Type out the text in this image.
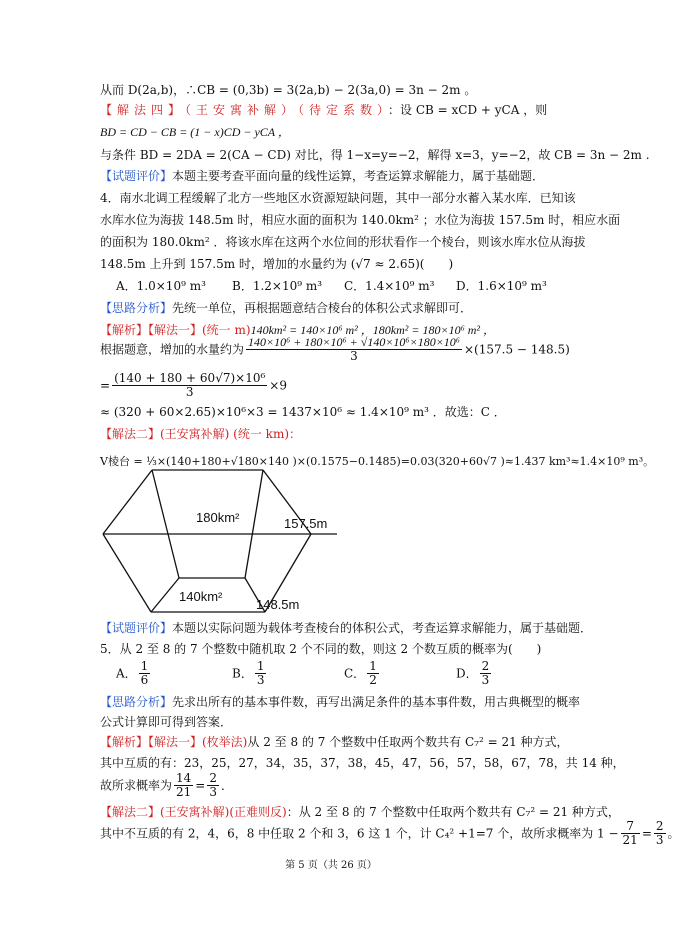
从而 D(2a,b)，∴CB = (0,3b) = 3(2a,b) − 2(3a,0) = 3n − 2m 。
【解法四】（王安寓补解）（待定系数）：设 CB = xCD + yCA ，则
BD = CD − CB = (1 − x)CD − yCA ，
与条件 BD = 2DA = 2(CA − CD) 对比，得 1−x=y=−2，解得 x=3，y=−2，故 CB = 3n − 2m .
【试题评价】本题主要考查平面向量的线性运算，考查运算求解能力，属于基础题．
4．南水北调工程缓解了北方一些地区水资源短缺问题，其中一部分水蓄入某水库．已知该
水库水位为海拔 148.5m 时，相应水面的面积为 140.0km² ；水位为海拔 157.5m 时，相应水面
的面积为 180.0km² ．将该水库在这两个水位间的形状看作一个棱台，则该水库水位从海拔
148.5m 上升到 157.5m 时，增加的水量约为 (√7 ≈ 2.65)(　　)
A．1.0×10⁹ m³ B．1.2×10⁹ m³ C．1.4×10⁹ m³ D．1.6×10⁹ m³
【思路分析】先统一单位，再根据题意结合棱台的体积公式求解即可．
【解析】【解法一】(统一 m)140km² = 140×10⁶ m² ，180km² = 180×10⁶ m² ，
根据题意，增加的水量约为 $\frac{\text{140×10⁶ + 180×10⁶ + √140×10⁶×180×10⁶}}{3} \times(157.5 - 148.5)$
= $\frac{\text{(140 + 180 + 60√7)×10⁶}}{3} \times 9$
≈ (320 + 60×2.65)×10⁶×3 = 1437×10⁶ ≈ 1.4×10⁹ m³ ．故选：C ．
【解法二】(王安寓补解) (统一 km)：
V棱台 = ⅓×(140+180+√180×140 )×(0.1575−0.1485)=0.03(320+60√7 )≈1.437 km³≈1.4×10⁹ m³。
180km²	157.5m
140km²
148.5m
【试题评价】本题以实际问题为载体考查棱台的体积公式，考查运算求解能力，属于基础题．
5．从 2 至 8 的 7 个整数中随机取 2 个不同的数，则这 2 个数互质的概率为(　　)
A． $\frac{1}{6}$	B． $\frac{1}{3}$	C． $\frac{1}{2}$	D． $\frac{2}{3}$
【思路分析】先求出所有的基本事件数，再写出满足条件的基本事件数，用古典概型的概率
公式计算即可得到答案．
【解析】【解法一】(枚举法)从 2 至 8 的 7 个整数中任取两个数共有 C₇² = 21 种方式，
其中互质的有：23，25，27，34，35，37，38，45，47，56，57，58，67，78，共 14 种，
故所求概率为 $\frac{14}{21} = \frac{2}{3}$ ．
【解法二】(王安寓补解)(正难则反)：从 2 至 8 的 7 个整数中任取两个数共有 C₇² = 21 种方式，
其中不互质的有 2，4，6，8 中任取 2 个和 3，6 这 1 个，计 C₄² +1=7 个，故所求概率为 $1 - \frac{7}{21} = \frac{2}{3}$ 。
第 5 页（共 26 页）
